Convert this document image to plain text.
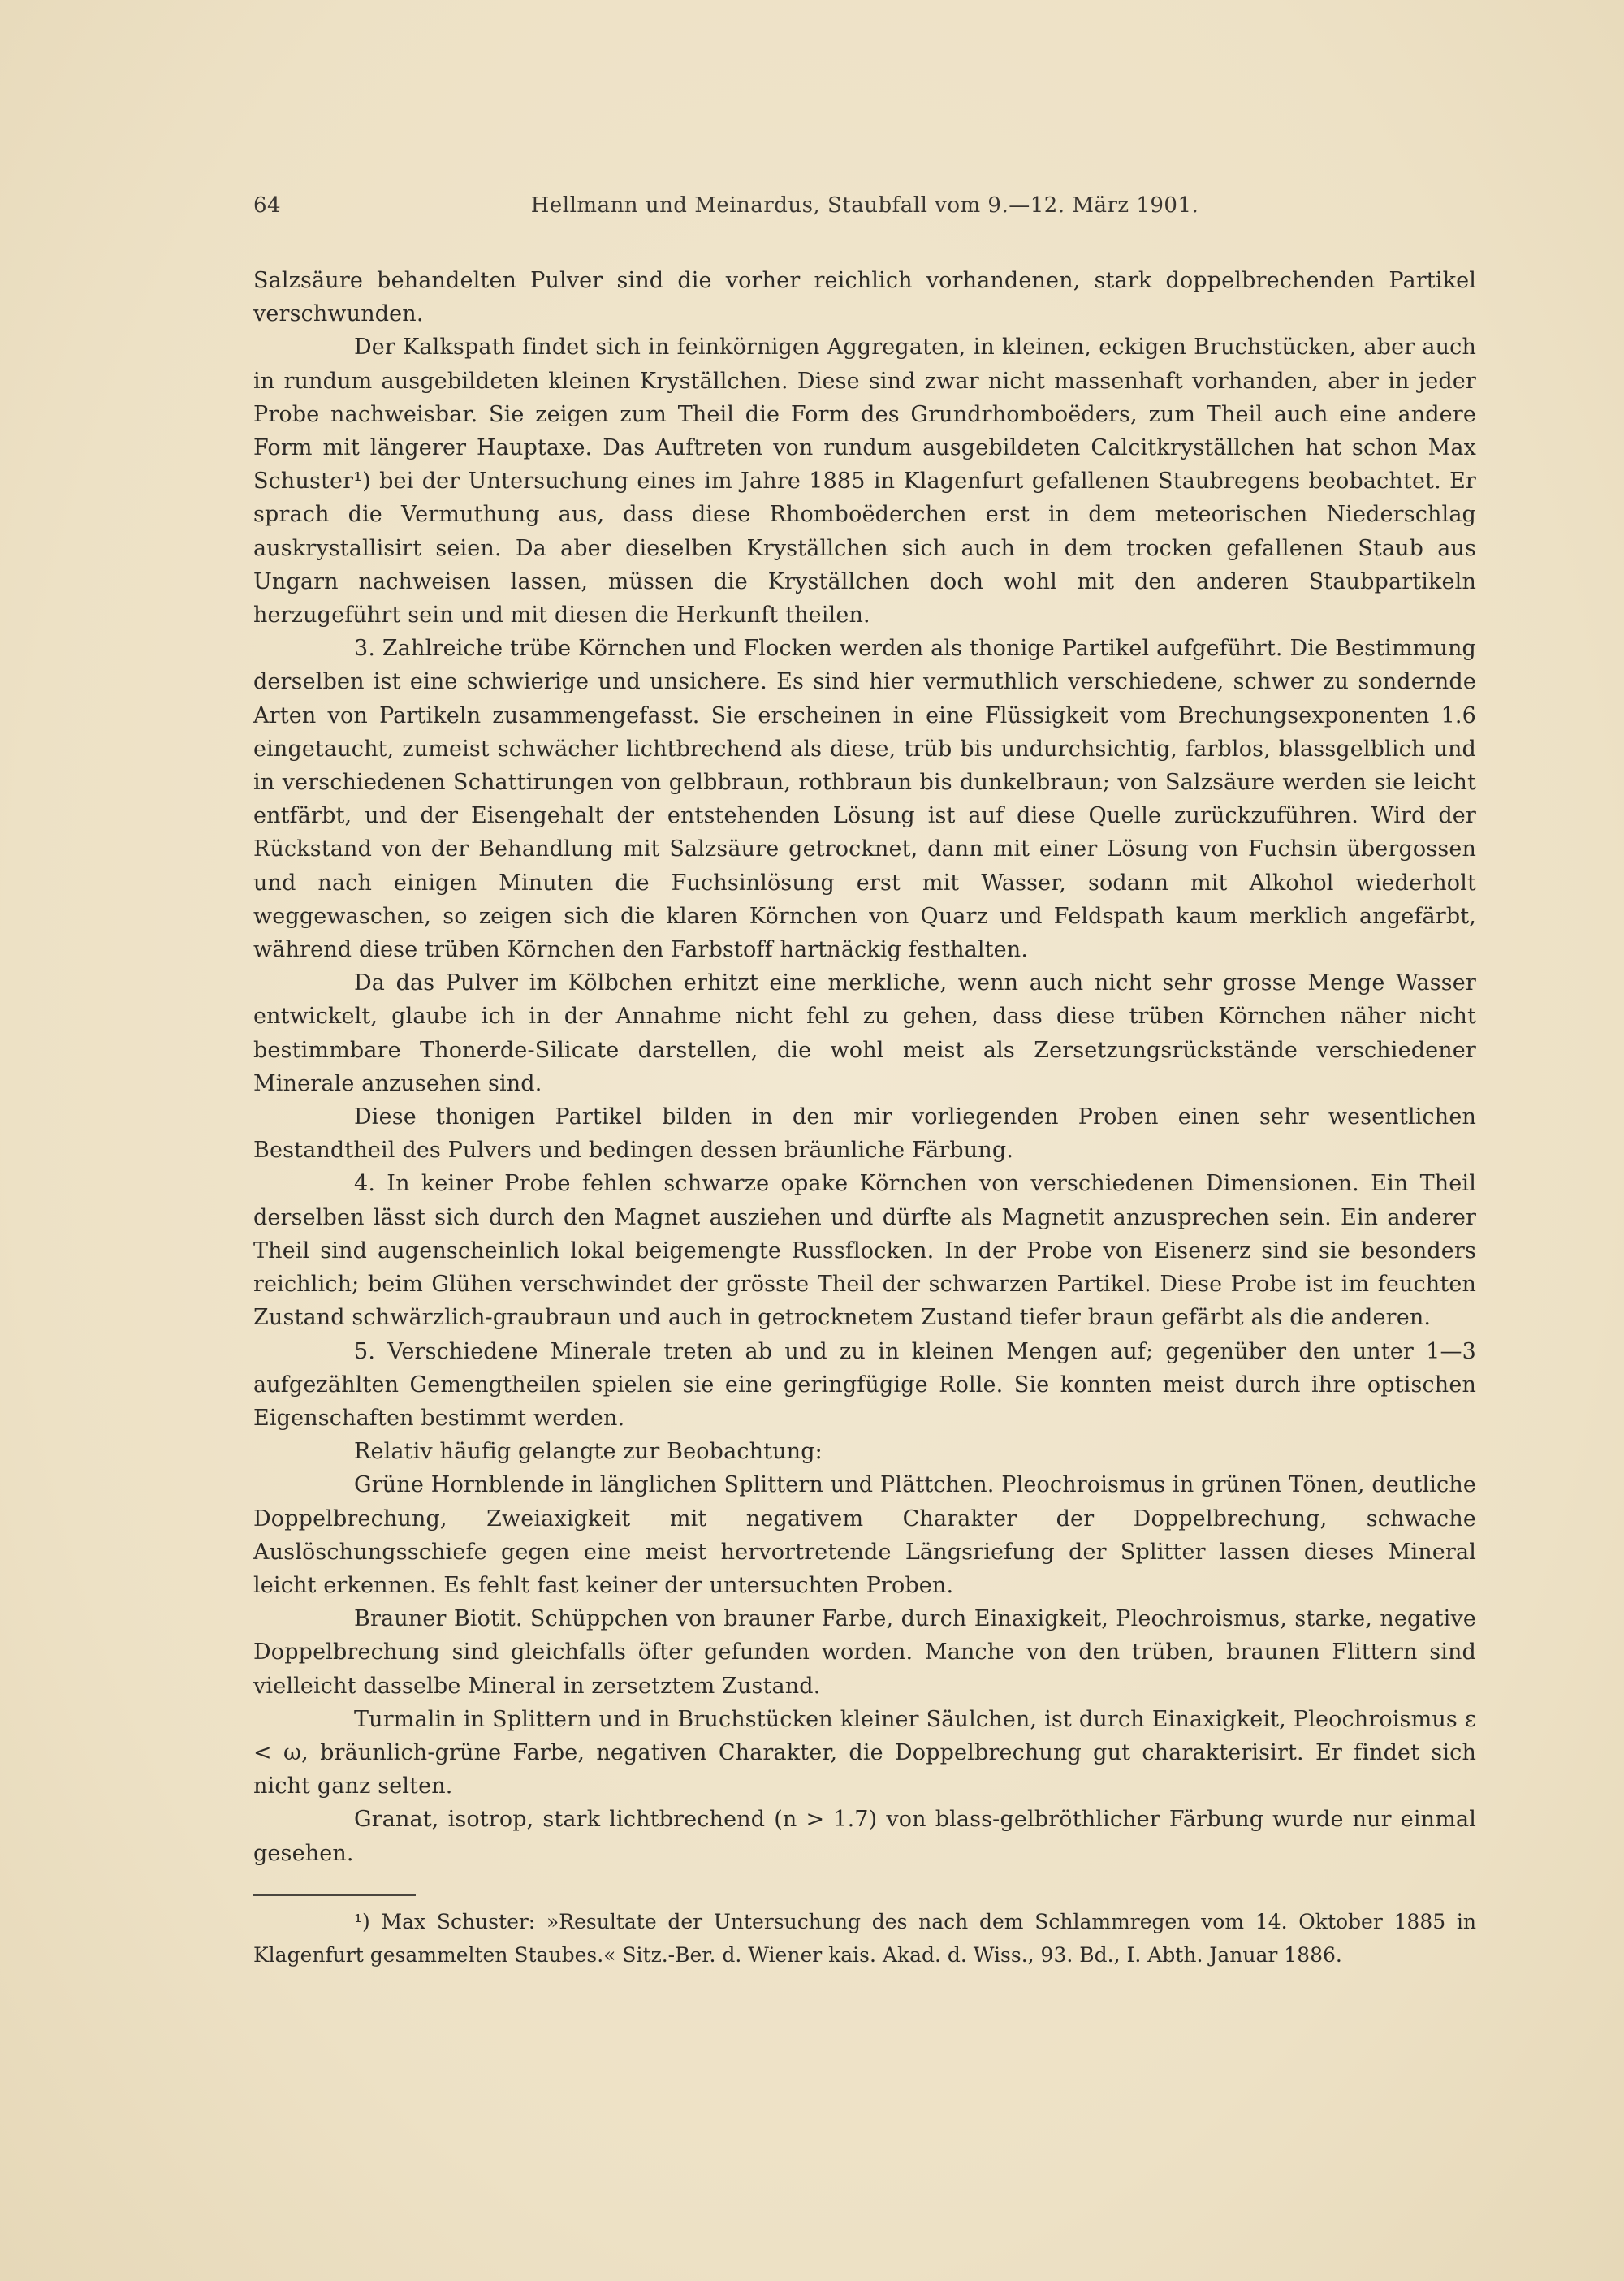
64	Hellmann und Meinardus, Staubfall vom 9.—12. März 1901.

Salzsäure behandelten Pulver sind die vorher reichlich vorhandenen, stark doppelbrechenden Partikel verschwunden.

Der Kalkspath findet sich in feinkörnigen Aggregaten, in kleinen, eckigen Bruchstücken, aber auch in rundum ausgebildeten kleinen Kryställchen. Diese sind zwar nicht massenhaft vorhanden, aber in jeder Probe nachweisbar. Sie zeigen zum Theil die Form des Grundrhomboëders, zum Theil auch eine andere Form mit längerer Hauptaxe. Das Auftreten von rundum ausgebildeten Calcitkryställchen hat schon Max Schuster¹) bei der Untersuchung eines im Jahre 1885 in Klagenfurt gefallenen Staubregens beobachtet. Er sprach die Vermuthung aus, dass diese Rhomboëderchen erst in dem meteorischen Niederschlag auskrystallisirt seien. Da aber dieselben Kryställchen sich auch in dem trocken gefallenen Staub aus Ungarn nachweisen lassen, müssen die Kryställchen doch wohl mit den anderen Staubpartikeln herzugeführt sein und mit diesen die Herkunft theilen.

3. Zahlreiche trübe Körnchen und Flocken werden als thonige Partikel aufgeführt. Die Bestimmung derselben ist eine schwierige und unsichere. Es sind hier vermuthlich verschiedene, schwer zu sondernde Arten von Partikeln zusammengefasst. Sie erscheinen in eine Flüssigkeit vom Brechungsexponenten 1.6 eingetaucht, zumeist schwächer lichtbrechend als diese, trüb bis undurchsichtig, farblos, blassgelblich und in verschiedenen Schattirungen von gelbbraun, rothbraun bis dunkelbraun; von Salzsäure werden sie leicht entfärbt, und der Eisengehalt der entstehenden Lösung ist auf diese Quelle zurückzuführen. Wird der Rückstand von der Behandlung mit Salzsäure getrocknet, dann mit einer Lösung von Fuchsin übergossen und nach einigen Minuten die Fuchsinlösung erst mit Wasser, sodann mit Alkohol wiederholt weggewaschen, so zeigen sich die klaren Körnchen von Quarz und Feldspath kaum merklich angefärbt, während diese trüben Körnchen den Farbstoff hartnäckig festhalten.

Da das Pulver im Kölbchen erhitzt eine merkliche, wenn auch nicht sehr grosse Menge Wasser entwickelt, glaube ich in der Annahme nicht fehl zu gehen, dass diese trüben Körnchen näher nicht bestimmbare Thonerde-Silicate darstellen, die wohl meist als Zersetzungsrückstände verschiedener Minerale anzusehen sind.

Diese thonigen Partikel bilden in den mir vorliegenden Proben einen sehr wesentlichen Bestandtheil des Pulvers und bedingen dessen bräunliche Färbung.

4. In keiner Probe fehlen schwarze opake Körnchen von verschiedenen Dimensionen. Ein Theil derselben lässt sich durch den Magnet ausziehen und dürfte als Magnetit anzusprechen sein. Ein anderer Theil sind augenscheinlich lokal beigemengte Russflocken. In der Probe von Eisenerz sind sie besonders reichlich; beim Glühen verschwindet der grösste Theil der schwarzen Partikel. Diese Probe ist im feuchten Zustand schwärzlich-graubraun und auch in getrocknetem Zustand tiefer braun gefärbt als die anderen.

5. Verschiedene Minerale treten ab und zu in kleinen Mengen auf; gegenüber den unter 1—3 aufgezählten Gemengtheilen spielen sie eine geringfügige Rolle. Sie konnten meist durch ihre optischen Eigenschaften bestimmt werden.

Relativ häufig gelangte zur Beobachtung:

Grüne Hornblende in länglichen Splittern und Plättchen. Pleochroismus in grünen Tönen, deutliche Doppelbrechung, Zweiaxigkeit mit negativem Charakter der Doppelbrechung, schwache Auslöschungsschiefe gegen eine meist hervortretende Längsriefung der Splitter lassen dieses Mineral leicht erkennen. Es fehlt fast keiner der untersuchten Proben.

Brauner Biotit. Schüppchen von brauner Farbe, durch Einaxigkeit, Pleochroismus, starke, negative Doppelbrechung sind gleichfalls öfter gefunden worden. Manche von den trüben, braunen Flittern sind vielleicht dasselbe Mineral in zersetztem Zustand.

Turmalin in Splittern und in Bruchstücken kleiner Säulchen, ist durch Einaxigkeit, Pleochroismus ε < ω, bräunlich-grüne Farbe, negativen Charakter, die Doppelbrechung gut charakterisirt. Er findet sich nicht ganz selten.

Granat, isotrop, stark lichtbrechend (n > 1.7) von blass-gelbröthlicher Färbung wurde nur einmal gesehen.

¹) Max Schuster: »Resultate der Untersuchung des nach dem Schlammregen vom 14. Oktober 1885 in Klagenfurt gesammelten Staubes.« Sitz.-Ber. d. Wiener kais. Akad. d. Wiss., 93. Bd., I. Abth. Januar 1886.
